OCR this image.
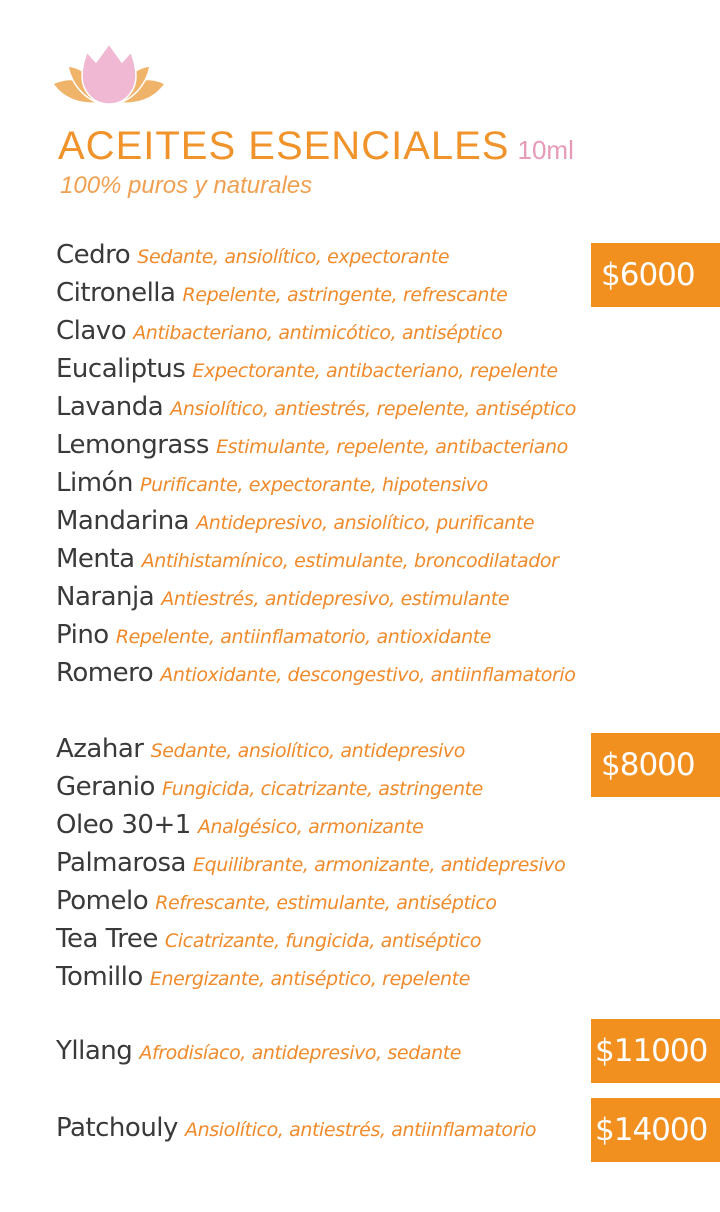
ACEITES ESENCIALES 10ml
100% puros y naturales
Cedro Sedante, ansiolítico, expectorante
Citronella Repelente, astringente, refrescante
Clavo Antibacteriano, antimicótico, antiséptico
Eucaliptus Expectorante, antibacteriano, repelente
Lavanda Ansiolítico, antiestrés, repelente, antiséptico
Lemongrass Estimulante, repelente, antibacteriano
Limón Purificante, expectorante, hipotensivo
Mandarina Antidepresivo, ansiolítico, purificante
Menta Antihistamínico, estimulante, broncodilatador
Naranja Antiestrés, antidepresivo, estimulante
Pino Repelente, antiinflamatorio, antioxidante
Romero Antioxidante, descongestivo, antiinflamatorio
$6000
Azahar Sedante, ansiolítico, antidepresivo
Geranio Fungicida, cicatrizante, astringente
Oleo 30+1 Analgésico, armonizante
Palmarosa Equilibrante, armonizante, antidepresivo
Pomelo Refrescante, estimulante, antiséptico
Tea Tree Cicatrizante, fungicida, antiséptico
Tomillo Energizante, antiséptico, repelente
$8000
Yllang Afrodisíaco, antidepresivo, sedante	$11000
Patchouly Ansiolítico, antiestrés, antiinflamatorio $14000
